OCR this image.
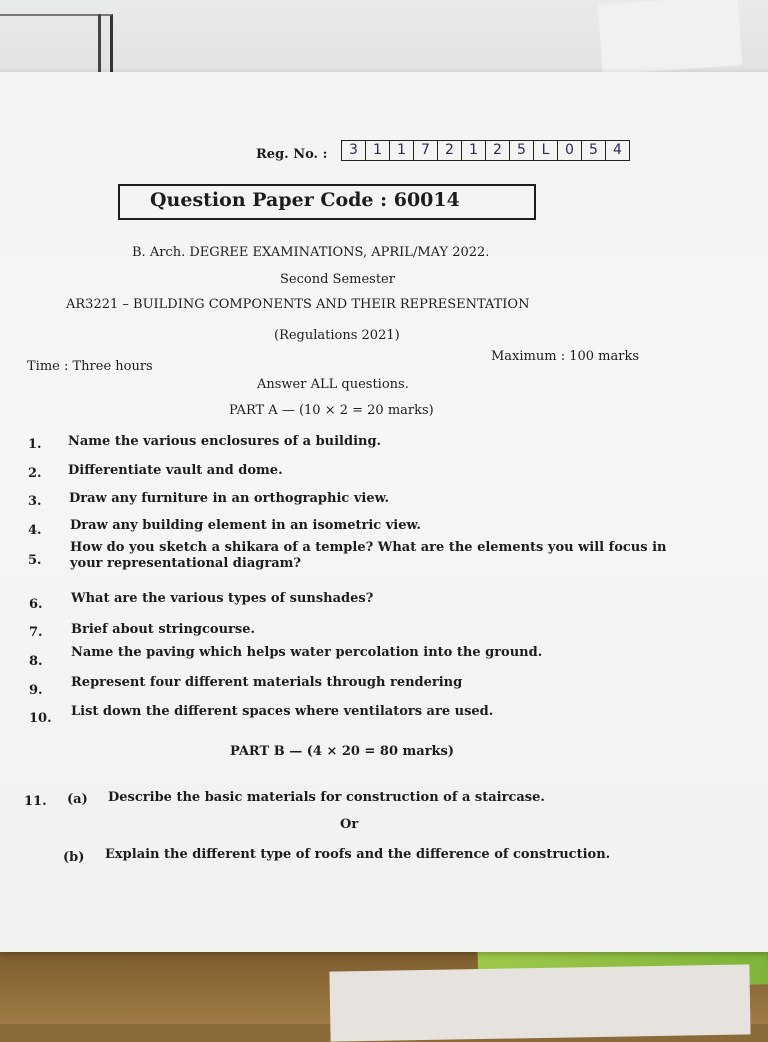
Reg. No. :	3	1	1	7	2	1	2	5	L	0	5	4
Question Paper Code : 60014
B. Arch. DEGREE EXAMINATIONS, APRIL/MAY 2022.
Second Semester
AR3221 – BUILDING COMPONENTS AND THEIR REPRESENTATION
(Regulations 2021)
Time : Three hours
Maximum : 100 marks
Answer ALL questions.
PART A — (10 × 2 = 20 marks)
1. Name the various enclosures of a building.
2. Differentiate vault and dome.
3. Draw any furniture in an orthographic view.
4. Draw any building element in an isometric view.
5.
How do you sketch a shikara of a temple? What are the elements you will focus in your representational diagram?
6. What are the various types of sunshades?
7. Brief about stringcourse.
8.
Name the paving which helps water percolation into the ground.
9.
Represent four different materials through rendering
10. List down the different spaces where ventilators are used.
PART B — (4 × 20 = 80 marks)
11. (a) Describe the basic materials for construction of a staircase.
Or
(b) Explain the different type of roofs and the difference of construction.
